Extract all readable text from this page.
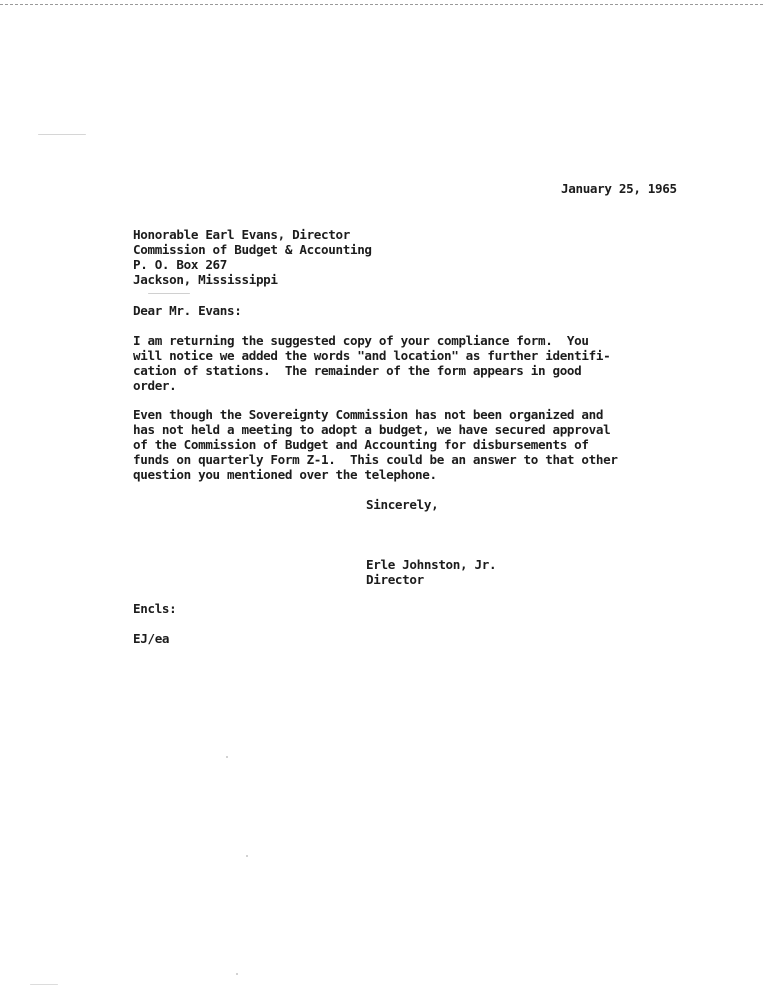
January 25, 1965
Honorable Earl Evans, Director
Commission of Budget & Accounting
P. O. Box 267
Jackson, Mississippi
Dear Mr. Evans:
I am returning the suggested copy of your compliance form.  You
will notice we added the words "and location" as further identifi-
cation of stations.  The remainder of the form appears in good
order.
Even though the Sovereignty Commission has not been organized and
has not held a meeting to adopt a budget, we have secured approval
of the Commission of Budget and Accounting for disbursements of
funds on quarterly Form Z-1.  This could be an answer to that other
question you mentioned over the telephone.
Sincerely,
Erle Johnston, Jr.
Director
Encls:
EJ/ea
